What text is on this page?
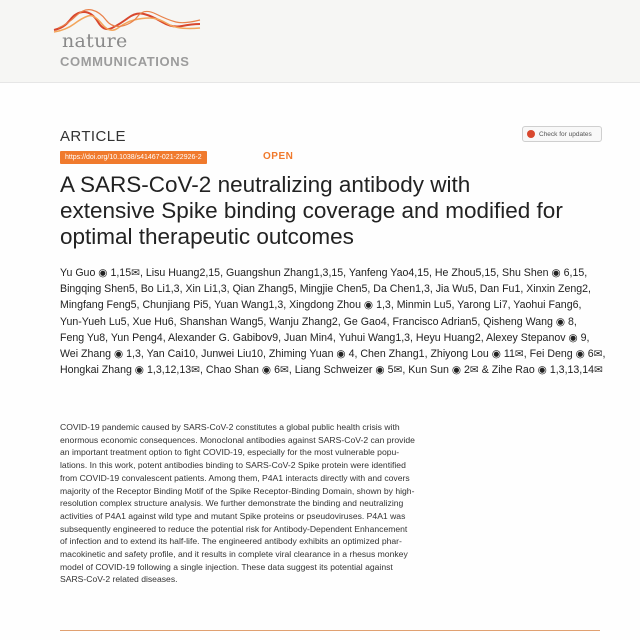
nature
COMMUNICATIONS
ARTICLE	Check for updates
https://doi.org/10.1038/s41467-021-22926-2	OPEN
A SARS-CoV-2 neutralizing antibody with
extensive Spike binding coverage and modified for
optimal therapeutic outcomes
Yu Guo ◉ 1,15✉, Lisu Huang2,15, Guangshun Zhang1,3,15, Yanfeng Yao4,15, He Zhou5,15, Shu Shen ◉ 6,15,
Bingqing Shen5, Bo Li1,3, Xin Li1,3, Qian Zhang5, Mingjie Chen5, Da Chen1,3, Jia Wu5, Dan Fu1, Xinxin Zeng2,
Mingfang Feng5, Chunjiang Pi5, Yuan Wang1,3, Xingdong Zhou ◉ 1,3, Minmin Lu5, Yarong Li7, Yaohui Fang6,
Yun-Yueh Lu5, Xue Hu6, Shanshan Wang5, Wanju Zhang2, Ge Gao4, Francisco Adrian5, Qisheng Wang ◉ 8,
Feng Yu8, Yun Peng4, Alexander G. Gabibov9, Juan Min4, Yuhui Wang1,3, Heyu Huang2, Alexey Stepanov ◉ 9,
Wei Zhang ◉ 1,3, Yan Cai10, Junwei Liu10, Zhiming Yuan ◉ 4, Chen Zhang1, Zhiyong Lou ◉ 11✉, Fei Deng ◉ 6✉,
Hongkai Zhang ◉ 1,3,12,13✉, Chao Shan ◉ 6✉, Liang Schweizer ◉ 5✉, Kun Sun ◉ 2✉ & Zihe Rao ◉ 1,3,13,14✉
COVID-19 pandemic caused by SARS-CoV-2 constitutes a global public health crisis with
enormous economic consequences. Monoclonal antibodies against SARS-CoV-2 can provide
an important treatment option to fight COVID-19, especially for the most vulnerable popu-
lations. In this work, potent antibodies binding to SARS-CoV-2 Spike protein were identified
from COVID-19 convalescent patients. Among them, P4A1 interacts directly with and covers
majority of the Receptor Binding Motif of the Spike Receptor-Binding Domain, shown by high-
resolution complex structure analysis. We further demonstrate the binding and neutralizing
activities of P4A1 against wild type and mutant Spike proteins or pseudoviruses. P4A1 was
subsequently engineered to reduce the potential risk for Antibody-Dependent Enhancement
of infection and to extend its half-life. The engineered antibody exhibits an optimized phar-
macokinetic and safety profile, and it results in complete viral clearance in a rhesus monkey
model of COVID-19 following a single injection. These data suggest its potential against
SARS-CoV-2 related diseases.
